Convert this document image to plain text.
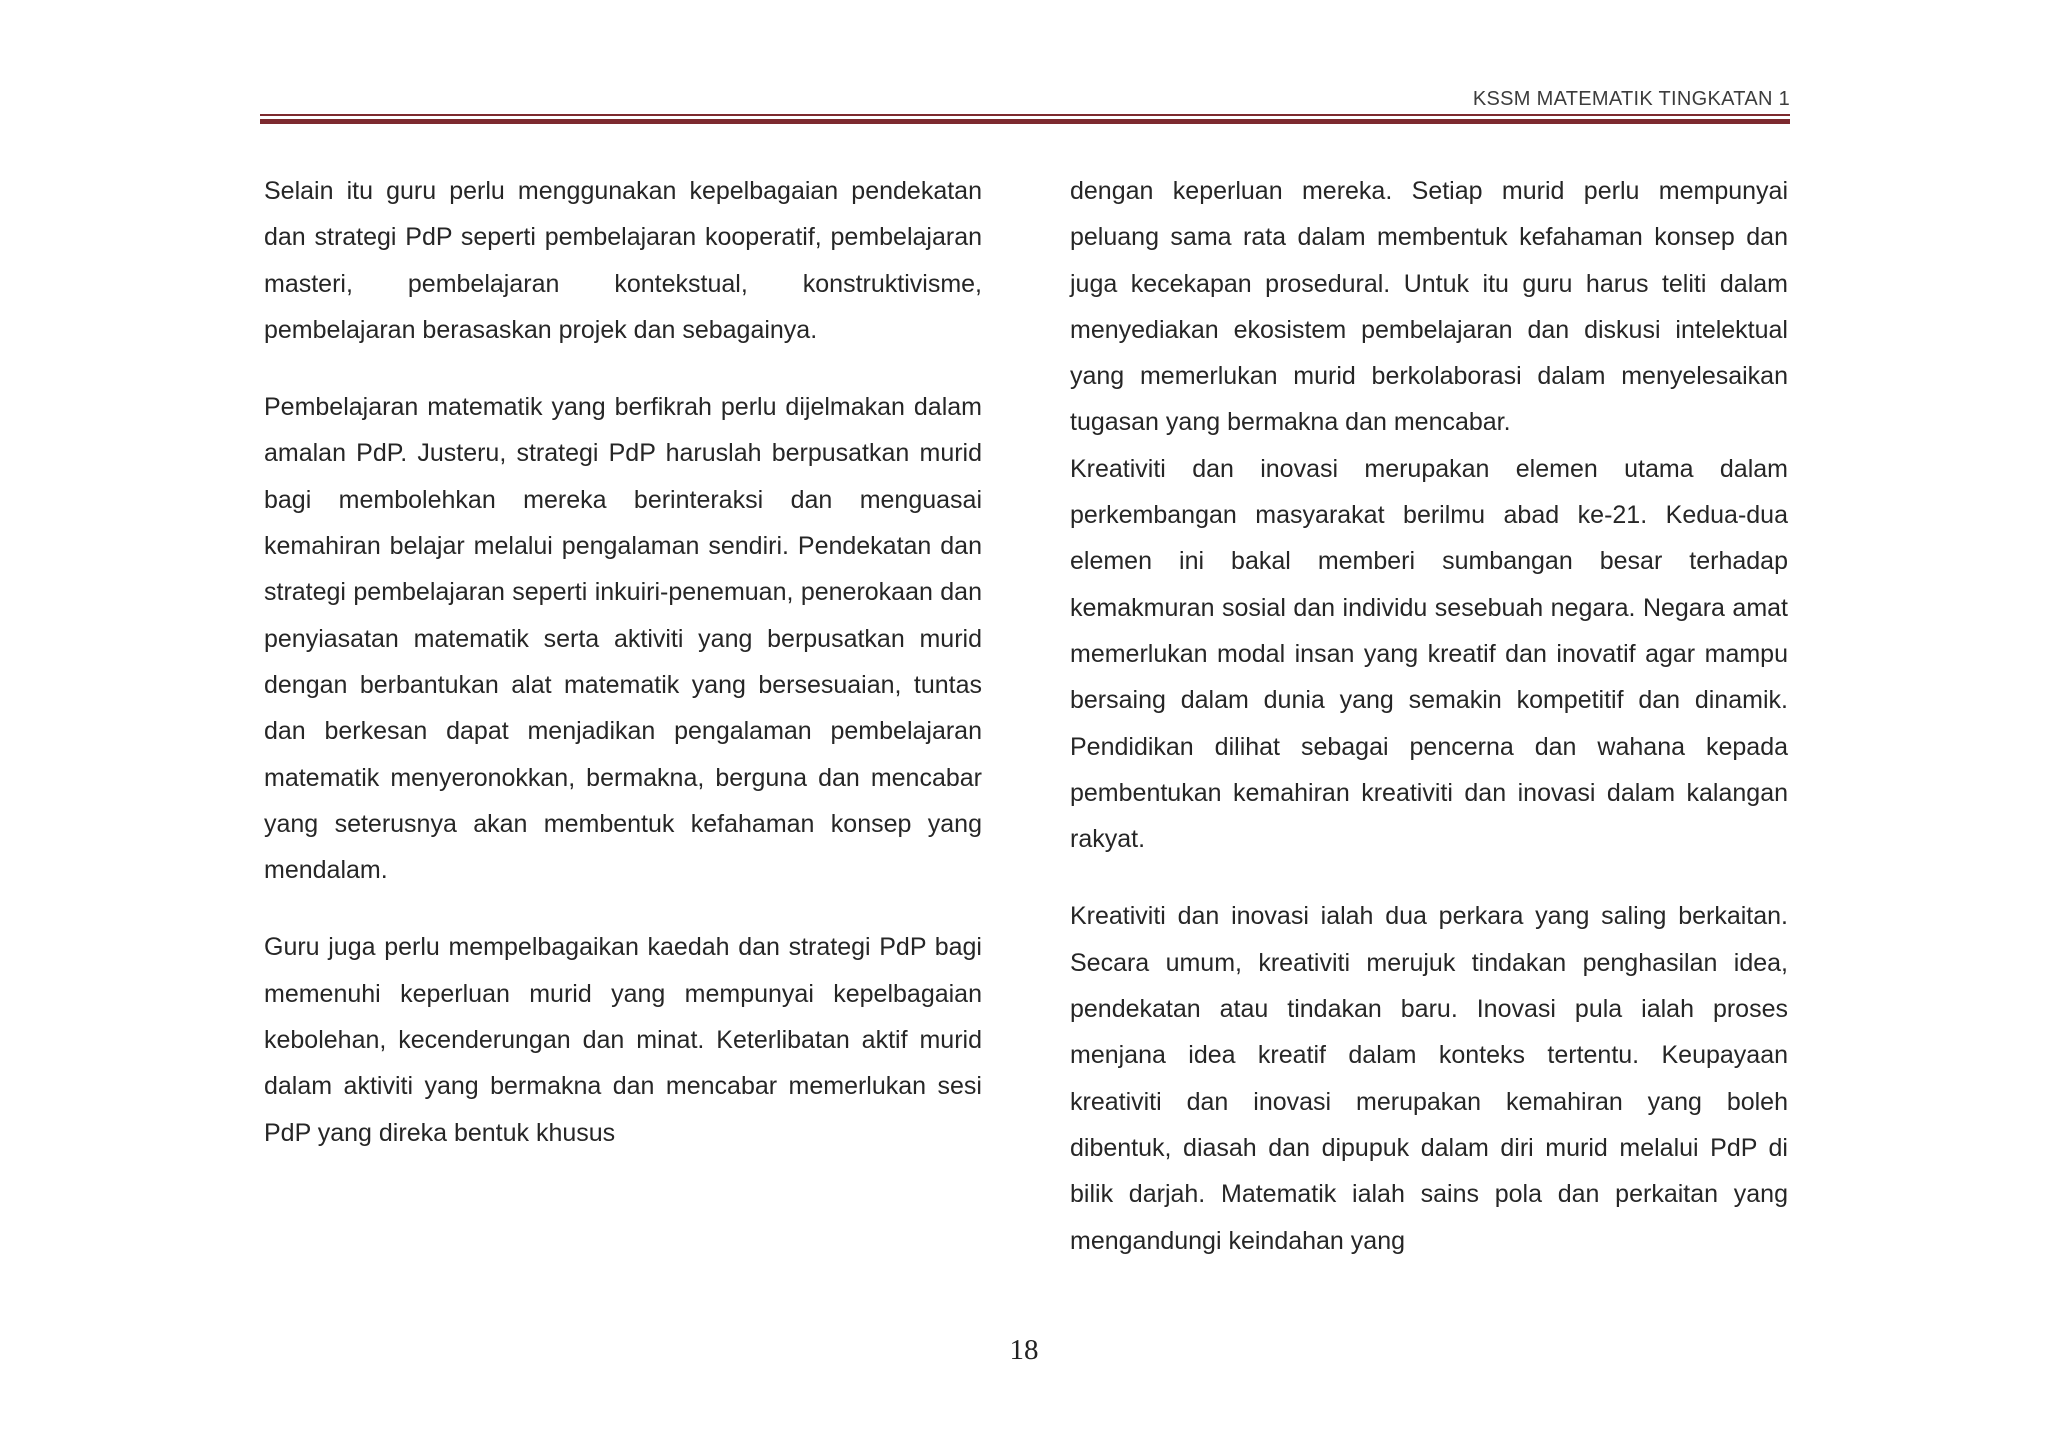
KSSM MATEMATIK TINGKATAN 1

Selain itu guru perlu menggunakan kepelbagaian pendekatan dan strategi PdP seperti pembelajaran kooperatif, pembelajaran masteri, pembelajaran kontekstual, konstruktivisme, pembelajaran berasaskan projek dan sebagainya.

Pembelajaran matematik yang berfikrah perlu dijelmakan dalam amalan PdP. Justeru, strategi PdP haruslah berpusatkan murid bagi membolehkan mereka berinteraksi dan menguasai kemahiran belajar melalui pengalaman sendiri. Pendekatan dan strategi pembelajaran seperti inkuiri-penemuan, penerokaan dan penyiasatan matematik serta aktiviti yang berpusatkan murid dengan berbantukan alat matematik yang bersesuaian, tuntas dan berkesan dapat menjadikan pengalaman pembelajaran matematik menyeronokkan, bermakna, berguna dan mencabar yang seterusnya akan membentuk kefahaman konsep yang mendalam.

Guru juga perlu mempelbagaikan kaedah dan strategi PdP bagi memenuhi keperluan murid yang mempunyai kepelbagaian kebolehan, kecenderungan dan minat. Keterlibatan aktif murid dalam aktiviti yang bermakna dan mencabar memerlukan sesi PdP yang direka bentuk khusus

dengan keperluan mereka. Setiap murid perlu mempunyai peluang sama rata dalam membentuk kefahaman konsep dan juga kecekapan prosedural. Untuk itu guru harus teliti dalam menyediakan ekosistem pembelajaran dan diskusi intelektual yang memerlukan murid berkolaborasi dalam menyelesaikan tugasan yang bermakna dan mencabar.

Kreativiti dan inovasi merupakan elemen utama dalam perkembangan masyarakat berilmu abad ke-21. Kedua-dua elemen ini bakal memberi sumbangan besar terhadap kemakmuran sosial dan individu sesebuah negara. Negara amat memerlukan modal insan yang kreatif dan inovatif agar mampu bersaing dalam dunia yang semakin kompetitif dan dinamik. Pendidikan dilihat sebagai pencerna dan wahana kepada pembentukan kemahiran kreativiti dan inovasi dalam kalangan rakyat.

Kreativiti dan inovasi ialah dua perkara yang saling berkaitan. Secara umum, kreativiti merujuk tindakan penghasilan idea, pendekatan atau tindakan baru. Inovasi pula ialah proses menjana idea kreatif dalam konteks tertentu. Keupayaan kreativiti dan inovasi merupakan kemahiran yang boleh dibentuk, diasah dan dipupuk dalam diri murid melalui PdP di bilik darjah. Matematik ialah sains pola dan perkaitan yang mengandungi keindahan yang

18
